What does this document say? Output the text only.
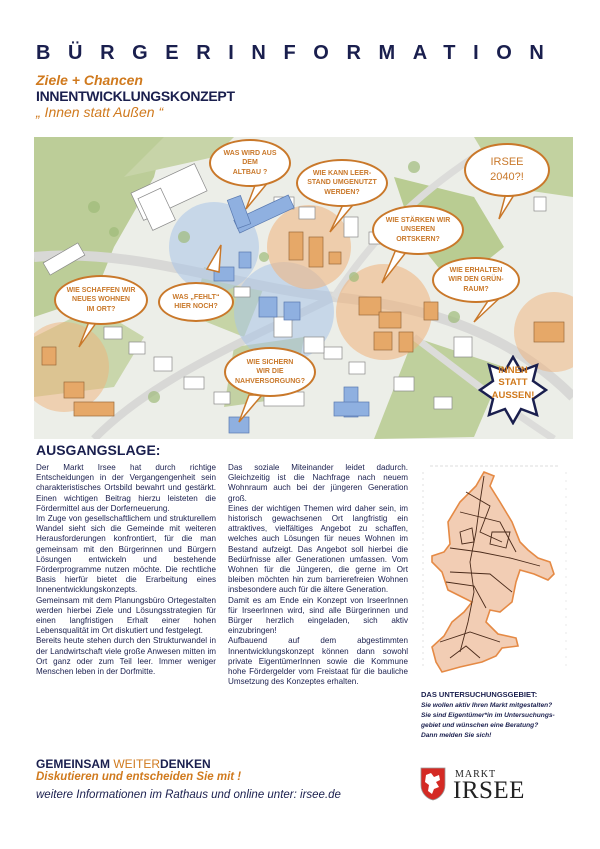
BÜRGERINFORMATION
Ziele + Chancen
INNENTWICKLUNGSKONZEPT
„ Innen statt Außen “
WAS WIRD AUS
DEM
ALTBAU ?	WIE KANN LEER-
STAND UMGENUTZT
WERDEN?
IRSEE
2040?!
WIE STÄRKEN WIR
UNSEREN
ORTSKERN?
WIE ERHALTEN
WIR DEN GRÜN-
RAUM?
WIE SCHAFFEN WIR
NEUES WOHNEN
IM ORT?
WAS „FEHLT“
HIER NOCH?
WIE SICHERN
WIR DIE
NAHVERSORGUNG?
INNEN
STATT
AUSSEN!
AUSGANGSLAGE:

Der Markt Irsee hat durch richtige Entscheidungen in der Vergangengenheit sein charakteristisches Ortsbild bewahrt und gestärkt. Einen wichtigen Beitrag hierzu leisteten die Fördermittel aus der Dorferneuerung.

Im Zuge von gesellschaftlichem und strukturellem Wandel sieht sich die Gemeinde mit weiteren Herausforderungen konfrontiert, für die man gemeinsam mit den Bürgerinnen und Bürgern Lösungen entwickeln und bestehende Förderprogramme nutzen möchte. Die rechtliche Basis hierfür bietet die Erarbeitung eines Innenentwicklungskonzepts.

Gemeinsam mit dem Planungsbüro Ortegestalten werden hierbei Ziele und Lösungsstrategien für einen langfristigen Erhalt einer hohen Lebensqualität im Ort diskutiert und festgelegt.

Bereits heute stehen durch den Strukturwandel in der Landwirtschaft viele große Anwesen mitten im Ort ganz oder zum Teil leer. Immer weniger Menschen leben in der Dorfmitte.

Das soziale Miteinander leidet dadurch. Gleichzeitig ist die Nachfrage nach neuem Wohnraum auch bei der jüngeren Generation groß.

Eines der wichtigen Themen wird daher sein, im historisch gewachsenen Ort langfristig ein attraktives, vielfältiges Angebot zu schaffen, welches auch Lösungen für neues Wohnen im Bestand aufzeigt. Das Angebot soll hierbei die Bedürfnisse aller Generationen umfassen. Vom Wohnen für die Jüngeren, die gerne im Ort bleiben möchten hin zum barrierefreien Wohnen insbesondere auch für die ältere Generation.

Damit es am Ende ein Konzept von IrseerInnen für IrseerInnen wird, sind alle Bürgerinnen und Bürger herzlich eingeladen, sich aktiv einzubringen!

Aufbauend auf dem abgestimmten Innentwicklungskonzept können dann sowohl private EigentümerInnen sowie die Kommune hohe Fördergelder vom Freistaat für die bauliche Umsetzung des Konzeptes erhalten.

DAS UNTERSUCHUNGSGEBIET:

Sie wollen aktiv Ihren Markt mitgestalten?

Sie sind Eigentümer*in im Untersuchungs-

gebiet und wünschen eine Beratung?

Dann melden Sie sich!

GEMEINSAM WEITERDENKEN
Diskutieren und entscheiden Sie mit !
weitere Informationen im Rathaus und online unter: irsee.de
MARKT
IRSEE
